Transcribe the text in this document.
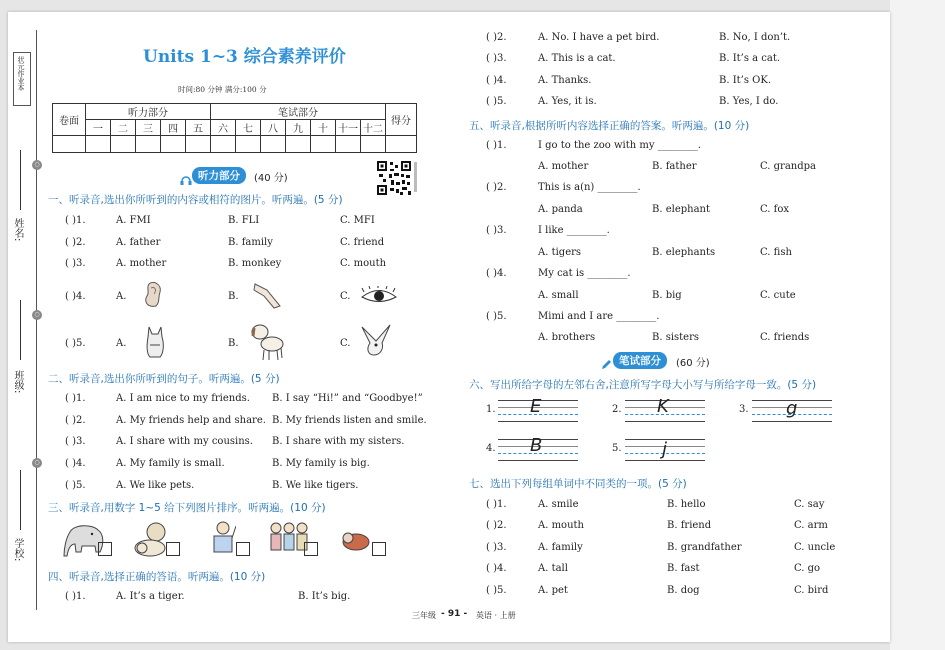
状元作业本
○
○
○
姓名:
班级:
学校:
Units 1~3 综合素养评价
时间:80 分钟 满分:100 分
卷面	听力部分					笔试部分							得分
	一	二	三	四	五	六	七	八	九	十	十一	十二	

听力部分	(40 分)
一、听录音,选出你所听到的内容或相符的图片。听两遍。(5 分)
( )1.	A. FMI	B. FLI	C. MFI
( )2.	A. father	B. family	C. friend
( )3.	A. mother	B. monkey	C. mouth
( )4.	A.	B.	C.
( )5.	A.	B.	C.
二、听录音,选出你所听到的句子。听两遍。(5 分)
( )1.	A. I am nice to my friends. B. I say “Hi!” and “Goodbye!”
( )2.	A. My friends help and share. B. My friends listen and smile.
( )3.	A. I share with my cousins. B. I share with my sisters.
( )4.	A. My family is small.	B. My family is big.
( )5.	A. We like pets.	B. We like tigers.
三、听录音,用数字 1~5 给下列图片排序。听两遍。(10 分)
四、听录音,选择正确的答语。听两遍。(10 分)
( )1.	A. It’s a tiger.	B. It’s big.
( )2.	A. No. I have a pet bird.	B. No, I don’t.
( )3.	A. This is a cat.	B. It’s a cat.
( )4.	A. Thanks.	B. It’s OK.
( )5.	A. Yes, it is.	B. Yes, I do.
五、听录音,根据所听内容选择正确的答案。听两遍。(10 分)
( )1.	I go to the zoo with my ________.
A. mother	B. father	C. grandpa
( )2.	This is a(n) ________.
A. panda	B. elephant	C. fox
( )3.	I like ________.
A. tigers	B. elephants	C. fish
( )4.	My cat is ________.
A. small	B. big	C. cute
( )5.	Mimi and I are ________.
A. brothers	B. sisters	C. friends
笔试部分	(60 分)
六、写出所给字母的左邻右舍,注意所写字母大小写与所给字母一致。(5 分)
1. E	2. K	3. g
4. B	5. j
七、选出下列每组单词中不同类的一项。(5 分)
( )1.	A. smile	B. hello	C. say
( )2.	A. mouth	B. friend	C. arm
( )3.	A. family	B. grandfather	C. uncle
( )4.	A. tall	B. fast	C. go
( )5.	A. pet	B. dog	C. bird
三年级 - 91 - 英语 · 上册
